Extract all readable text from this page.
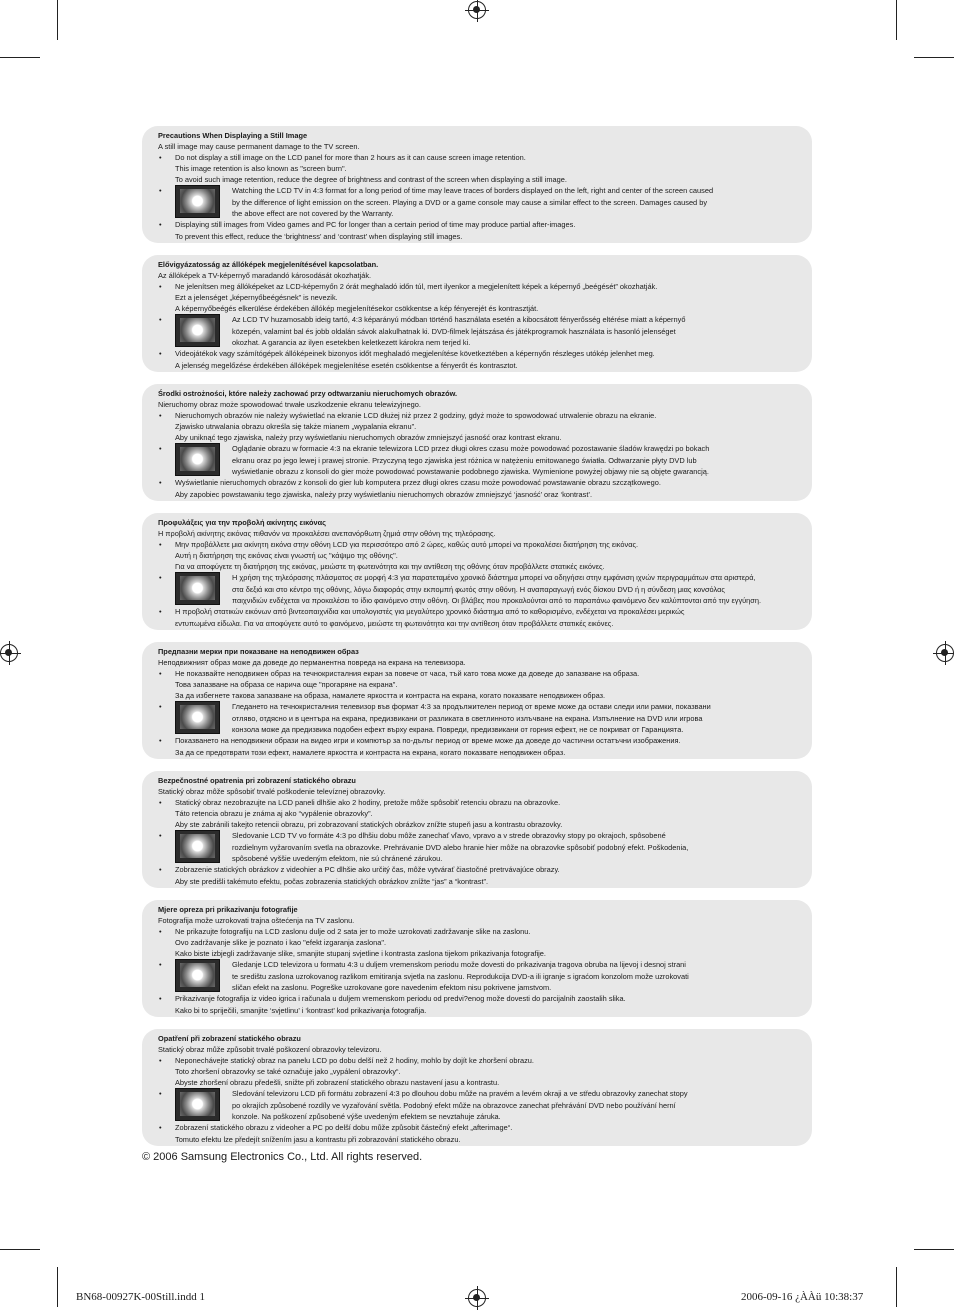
Precautions When Displaying a Still Image
A still image may cause permanent damage to the TV screen.
• Do not display a still image on the LCD panel for more than 2 hours as it can cause screen image retention.
This image retention is also known as "screen burn".
To avoid such image retention, reduce the degree of brightness and contrast of the screen when displaying a still image.
•	Watching the LCD TV in 4:3 format for a long period of time may leave traces of borders displayed on the left, right and center of the screen caused
by the difference of light emission on the screen. Playing a DVD or a game console may cause a similar effect to the screen. Damages caused by
the above effect are not covered by the Warranty.
• Displaying still images from Video games and PC for longer than a certain period of time may produce partial after-images.
To prevent this effect, reduce the ‘brightness’ and ‘contrast’ when displaying still images.
Elővigyázatosság az állóképek megjelenítésével kapcsolatban.
Az állóképek a TV-képernyő maradandó károsodását okozhatják.
• Ne jelenítsen meg állóképeket az LCD-képernyőn 2 órát meghaladó időn túl, mert ilyenkor a megjelenített képek a képernyő „beégését” okozhatják.
Ezt a jelenséget „képernyőbeégésnek” is nevezik.
A képernyőbeégés elkerülése érdekében állókép megjelenítésekor csökkentse a kép fényerejét és kontrasztját.
•	Az LCD TV huzamosabb ideig tartó, 4:3 képarányú módban történő használata esetén a kibocsátott fényerősség eltérése miatt a képernyő
közepén, valamint bal és jobb oldalán sávok alakulhatnak ki. DVD-filmek lejátszása és játékprogramok használata is hasonló jelenséget
okozhat. A garancia az ilyen esetekben keletkezett károkra nem terjed ki.
• Videojátékok vagy számítógépek állóképeinek bizonyos időt meghaladó megjelenítése következtében a képernyőn részleges utókép jelenhet meg.
A jelenség megelőzése érdekében állóképek megjelenítése esetén csökkentse a fényerőt és kontrasztot.
Środki ostrożności, które należy zachować przy odtwarzaniu nieruchomych obrazów.
Nieruchomy obraz może spowodować trwałe uszkodzenie ekranu telewizyjnego.
• Nieruchomych obrazów nie należy wyświetlać na ekranie LCD dłużej niż przez 2 godziny, gdyż może to spowodować utrwalenie obrazu na ekranie.
Zjawisko utrwalania obrazu określa się także mianem „wypalania ekranu”.
Aby uniknąć tego zjawiska, należy przy wyświetlaniu nieruchomych obrazów zmniejszyć jasność oraz kontrast ekranu.
•	Oglądanie obrazu w formacie 4:3 na ekranie telewizora LCD przez długi okres czasu może powodować pozostawanie śladów krawędzi po bokach
ekranu oraz po jego lewej i prawej stronie. Przyczyną tego zjawiska jest różnica w natężeniu emitowanego światła. Odtwarzanie płyty DVD lub
wyświetlanie obrazu z konsoli do gier może powodować powstawanie podobnego zjawiska. Wymienione powyżej objawy nie są objęte gwarancją.
• Wyświetlanie nieruchomych obrazów z konsoli do gier lub komputera przez długi okres czasu może powodować powstawanie obrazu szczątkowego.
Aby zapobiec powstawaniu tego zjawiska, należy przy wyświetlaniu nieruchomych obrazów zmniejszyć ‘jasność’ oraz ‘kontrast’.
Προφυλάξεις για την προβολή ακίνητης εικόνας
Η προβολή ακίνητης εικόνας πιθανόν να προκαλέσει ανεπανόρθωτη ζημιά στην οθόνη της τηλεόρασης.
• Μην προβάλλετε μια ακίνητη εικόνα στην οθόνη LCD για περισσότερο από 2 ώρες, καθώς αυτό μπορεί να προκαλέσει διατήρηση της εικόνας.
Αυτή η διατήρηση της εικόνας είναι γνωστή ως "κάψιμο της οθόνης".
Για να αποφύγετε τη διατήρηση της εικόνας, μειώστε τη φωτεινότητα και την αντίθεση της οθόνης όταν προβάλλετε στατικές εικόνες.
•	Η χρήση της τηλεόρασης πλάσματος σε μορφή 4:3 για παρατεταμένο χρονικό διάστημα μπορεί να οδηγήσει στην εμφάνιση ιχνών περιγραμμάτων στα αριστερά,
στα δεξιά και στο κέντρο της οθόνης, λόγω διαφοράς στην εκπομπή φωτός στην οθόνη. Η αναπαραγωγή ενός δίσκου DVD ή η σύνδεση μιας κονσόλας
παιχνιδιών ενδέχεται να προκαλέσει το ίδιο φαινόμενο στην οθόνη. Οι βλάβες που προκαλούνται από το παραπάνω φαινόμενο δεν καλύπτονται από την εγγύηση.
• Η προβολή στατικών εικόνων από βιντεοπαιχνίδια και υπολογιστές για μεγαλύτερο χρονικό διάστημα από το καθορισμένο, ενδέχεται να προκαλέσει μερικώς
εντυπωμένα είδωλα. Για να αποφύγετε αυτό το φαινόμενο, μειώστε τη φωτεινότητα και την αντίθεση όταν προβάλλετε στατικές εικόνες.
Предпазни мерки при показване на неподвижен образ
Неподвижният образ може да доведе до перманентна повреда на екрана на телевизора.
• Не показвайте неподвижен образ на течнокристалния екран за повече от часа, тъй като това може да доведе до запазване на образа.
Това запазване на образа се нарича още "прогаряне на екрана".
За да избегнете такова запазване на образа, намалете яркостта и контраста на екрана, когато показвате неподвижен образ.
•	Гледането на течнокристалния телевизор във формат 4:3 за продължителен период от време може да остави следи или рамки, показвани
отляво, отдясно и в центъра на екрана, предизвикани от разликата в светлинното излъчване на екрана. Изпълнение на DVD или игрова
конзола може да предизвика подобен ефект върху екрана. Повреди, предизвикани от горния ефект, не се покриват от Гаранцията.
• Показването на неподвижни образи на видео игри и компютър за по-дълъг период от време може да доведе до частични остатъчни изображения.
За да се предотврати този ефект, намалете яркостта и контраста на екрана, когато показвате неподвижен образ.
Bezpečnostné opatrenia pri zobrazení statického obrazu
Statický obraz môže spôsobiť trvalé poškodenie televíznej obrazovky.
• Statický obraz nezobrazujte na LCD paneli dlhšie ako 2 hodiny, pretože môže spôsobiť retenciu obrazu na obrazovke.
Táto retencia obrazu je známa aj ako “vypálenie obrazovky”.
Aby ste zabránili takejto retencii obrazu, pri zobrazovaní statických obrázkov znížte stupeň jasu a kontrastu obrazovky.
•	Sledovanie LCD TV vo formáte 4:3 po dlhšiu dobu môže zanechať vľavo, vpravo a v strede obrazovky stopy po okrajoch, spôsobené
rozdielnym vyžarovaním svetla na obrazovke. Prehrávanie DVD alebo hranie hier môže na obrazovke spôsobiť podobný efekt. Poškodenia,
spôsobené vyššie uvedeným efektom, nie sú chránené zárukou.
• Zobrazenie statických obrázkov z videohier a PC dlhšie ako určitý čas, môže vytvárať čiastočné pretrvávajúce obrazy.
Aby ste predišli takémuto efektu, počas zobrazenia statických obrázkov znížte “jas” a “kontrast”.
Mjere opreza pri prikazivanju fotografije
Fotografija može uzrokovati trajna oštećenja na TV zaslonu.
• Ne prikazujte fotografiju na LCD zaslonu dulje od 2 sata jer to može uzrokovati zadržavanje slike na zaslonu.
Ovo zadržavanje slike je poznato i kao "efekt izgaranja zaslona".
Kako biste izbjegli zadržavanje slike, smanjite stupanj svjetline i kontrasta zaslona tijekom prikazivanja fotografije.
•	Gledanje LCD televizora u formatu 4:3 u duljem vremenskom periodu može dovesti do prikazivanja tragova obruba na lijevoj i desnoj strani
te središtu zaslona uzrokovanog razlikom emitiranja svjetla na zaslonu. Reprodukcija DVD-a ili igranje s igraćom konzolom može uzrokovati
sličan efekt na zaslonu. Pogreške uzrokovane gore navedenim efektom nisu pokrivene jamstvom.
• Prikazivanje fotografija iz video igrica i računala u duljem vremenskom periodu od predvi?enog može dovesti do parcijalnih zaostalih slika.
Kako bi to spriječili, smanjite ‘svjetlinu’ i ‘kontrast’ kod prikazivanja fotografija.
Opatření při zobrazení statického obrazu
Statický obraz může způsobit trvalé poškození obrazovky televizoru.
• Neponechávejte statický obraz na panelu LCD po dobu delší než 2 hodiny, mohlo by dojít ke zhoršení obrazu.
Toto zhoršení obrazovky se také označuje jako „vypálení obrazovky“.
Abyste zhoršení obrazu předešli, snižte při zobrazení statického obrazu nastavení jasu a kontrastu.
•	Sledování televizoru LCD při formátu zobrazení 4:3 po dlouhou dobu může na pravém a levém okraji a ve středu obrazovky zanechat stopy
po okrajích způsobené rozdíly ve vyzařování světla. Podobný efekt může na obrazovce zanechat přehrávání DVD nebo používání herní
konzole. Na poškození způsobené výše uvedeným efektem se nevztahuje záruka.
• Zobrazení statického obrazu z videoher a PC po delší dobu může způsobit částečný efekt „afterimage“.
Tomuto efektu lze předejít snížením jasu a kontrastu při zobrazování statického obrazu.
© 2006 Samsung Electronics Co., Ltd. All rights reserved.
BN68-00927K-00Still.indd 1	2006-09-16 ¿ÀÀü 10:38:37
